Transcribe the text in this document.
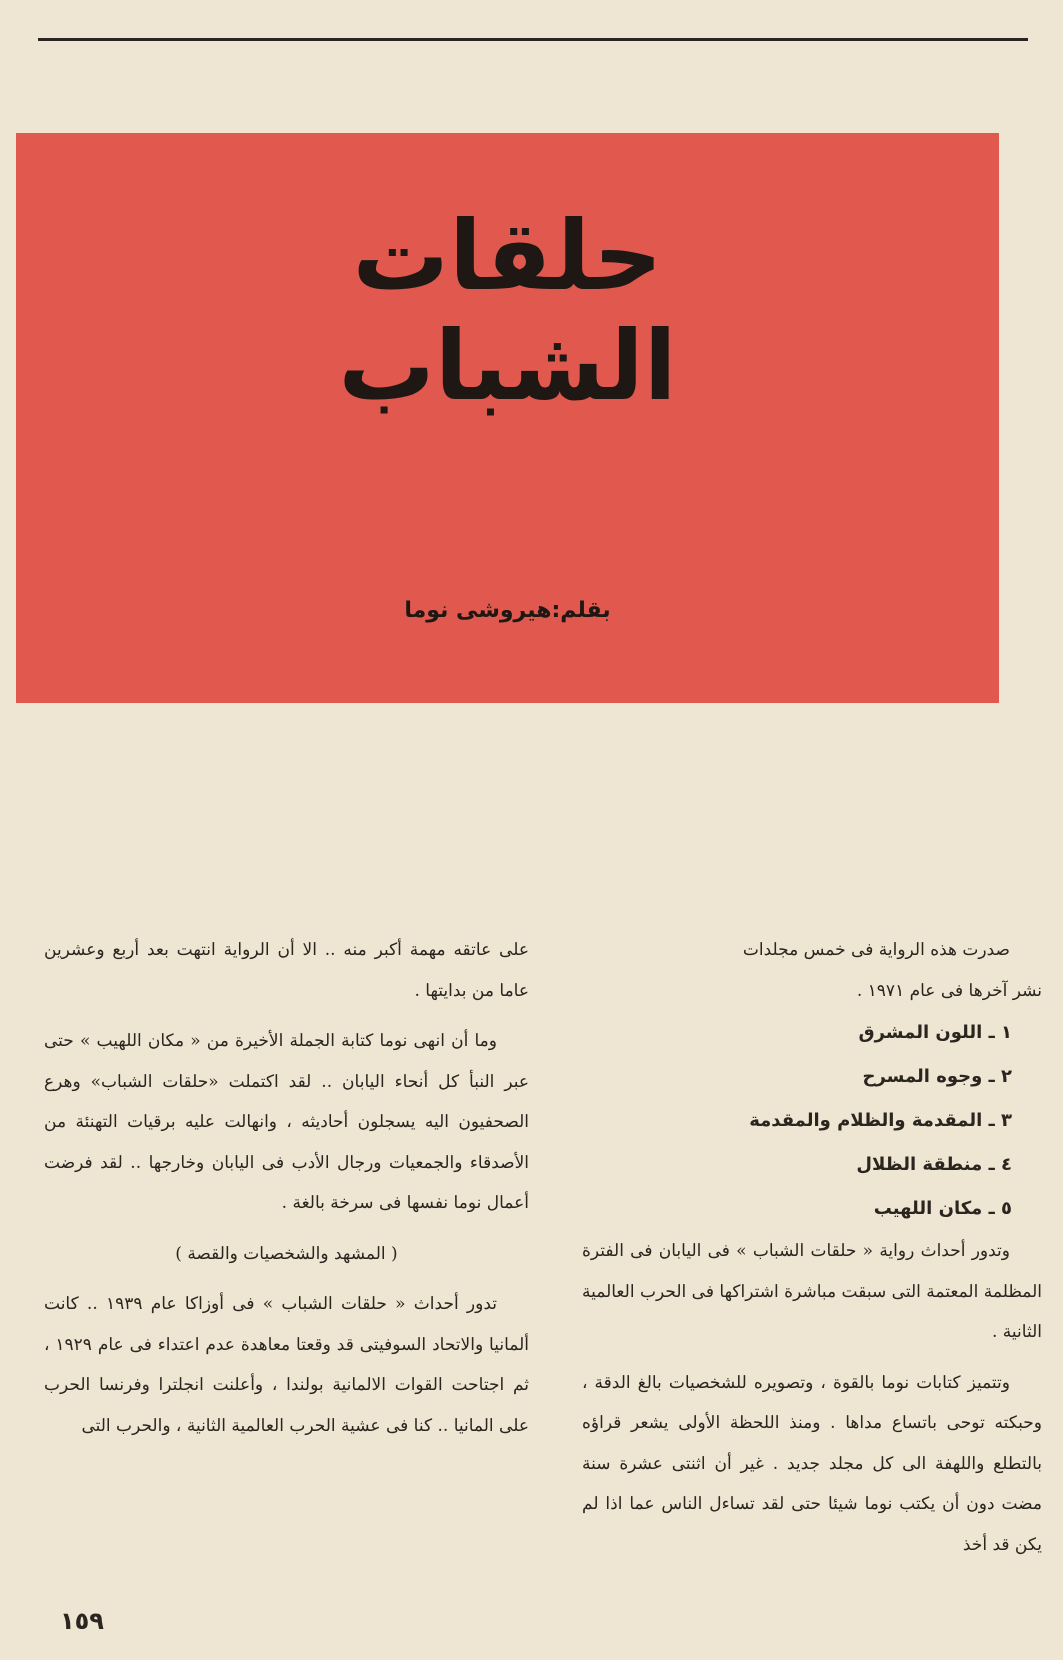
حلقات
الشباب
بقلم:هيروشى نوما

صدرت هذه الرواية فى خمس مجلدات

نشر آخرها فى عام ١٩٧١ .

١ ـ اللون المشرق
٢ ـ وجوه المسرح
٣ ـ المقدمة والظلام والمقدمة
٤ ـ منطقة الظلال
٥ ـ مكان اللهيب

وتدور أحداث رواية « حلقات الشباب » فى اليابان فى الفترة المظلمة المعتمة التى سبقت مباشرة اشتراكها فى الحرب العالمية الثانية .

وتتميز كتابات نوما بالقوة ، وتصويره للشخصيات بالغ الدقة ، وحبكته توحى باتساع مداها . ومنذ اللحظة الأولى يشعر قراؤه بالتطلع واللهفة الى كل مجلد جديد . غير أن اثنتى عشرة سنة مضت دون أن يكتب نوما شيئا حتى لقد تساءل الناس عما اذا لم يكن قد أخذ

على عاتقه مهمة أكبر منه .. الا أن الرواية انتهت بعد أربع وعشرين عاما من بدايتها .

وما أن انهى نوما كتابة الجملة الأخيرة من « مكان اللهيب » حتى عبر النبأ كل أنحاء اليابان .. لقد اكتملت «حلقات الشباب» وهرع الصحفيون اليه يسجلون أحاديثه ، وانهالت عليه برقيات التهنئة من الأصدقاء والجمعيات ورجال الأدب فى اليابان وخارجها .. لقد فرضت أعمال نوما نفسها فى سرخة بالغة .

( المشهد والشخصيات والقصة )

تدور أحداث « حلقات الشباب » فى أوزاكا عام ١٩٣٩ .. كانت ألمانيا والاتحاد السوفيتى قد وقعتا معاهدة عدم اعتداء فى عام ١٩٢٩ ، ثم اجتاحت القوات الالمانية بولندا ، وأعلنت انجلترا وفرنسا الحرب على المانيا .. كنا فى عشية الحرب العالمية الثانية ، والحرب التى

١٥٩
